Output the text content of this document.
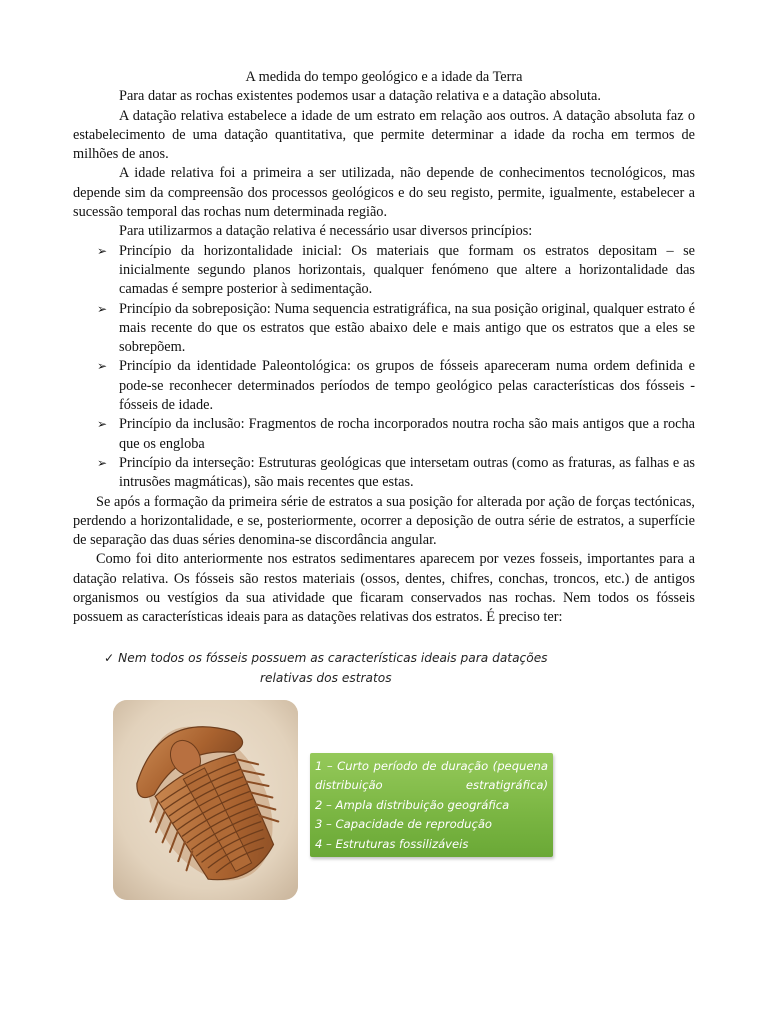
A medida do tempo geológico e a idade da Terra

Para datar as rochas existentes podemos usar a datação relativa e a datação absoluta.

A datação relativa estabelece a idade de um estrato em relação aos outros. A datação absoluta faz o estabelecimento de uma datação quantitativa, que permite determinar a idade da rocha em termos de milhões de anos.

A idade relativa foi a primeira a ser utilizada, não depende de conhecimentos tecnológicos, mas depende sim da compreensão dos processos geológicos e do seu registo, permite, igualmente, estabelecer a sucessão temporal das rochas num determinada região.

Para utilizarmos a datação relativa é necessário usar diversos princípios:

➢ Princípio da horizontalidade inicial: Os materiais que formam os estratos depositam – se inicialmente segundo planos horizontais, qualquer fenómeno que altere a horizontalidade das camadas é sempre posterior à sedimentação.
➢ Princípio da sobreposição: Numa sequencia estratigráfica, na sua posição original, qualquer estrato é mais recente do que os estratos que estão abaixo dele e mais antigo que os estratos que a eles se sobrepõem.
➢ Princípio da identidade Paleontológica: os grupos de fósseis apareceram numa ordem definida e pode-se reconhecer determinados períodos de tempo geológico pelas características dos fósseis - fósseis de idade.
➢ Princípio da inclusão: Fragmentos de rocha incorporados noutra rocha são mais antigos que a rocha que os engloba
➢ Princípio da interseção: Estruturas geológicas que intersetam outras (como as fraturas, as falhas e as intrusões magmáticas), são mais recentes que estas.

Se após a formação da primeira série de estratos a sua posição for alterada por ação de forças tectónicas, perdendo a horizontalidade, e se, posteriormente, ocorrer a deposição de outra série de estratos, a superfície de separação das duas séries denomina-se discordância angular.

Como foi dito anteriormente nos estratos sedimentares aparecem por vezes fosseis, importantes para a datação relativa. Os fósseis são restos materiais (ossos, dentes, chifres, conchas, troncos, etc.) de antigos organismos ou vestígios da sua atividade que ficaram conservados nas rochas. Nem todos os fósseis possuem as características ideais para as datações relativas dos estratos. É preciso ter:

✓ Nem todos os fósseis possuem as características ideais para datações
relativas dos estratos
1 – Curto período de duração (pequena distribuição estratigráfica)
2 – Ampla distribuição geográfica
3 – Capacidade de reprodução
4 – Estruturas fossilizáveis
